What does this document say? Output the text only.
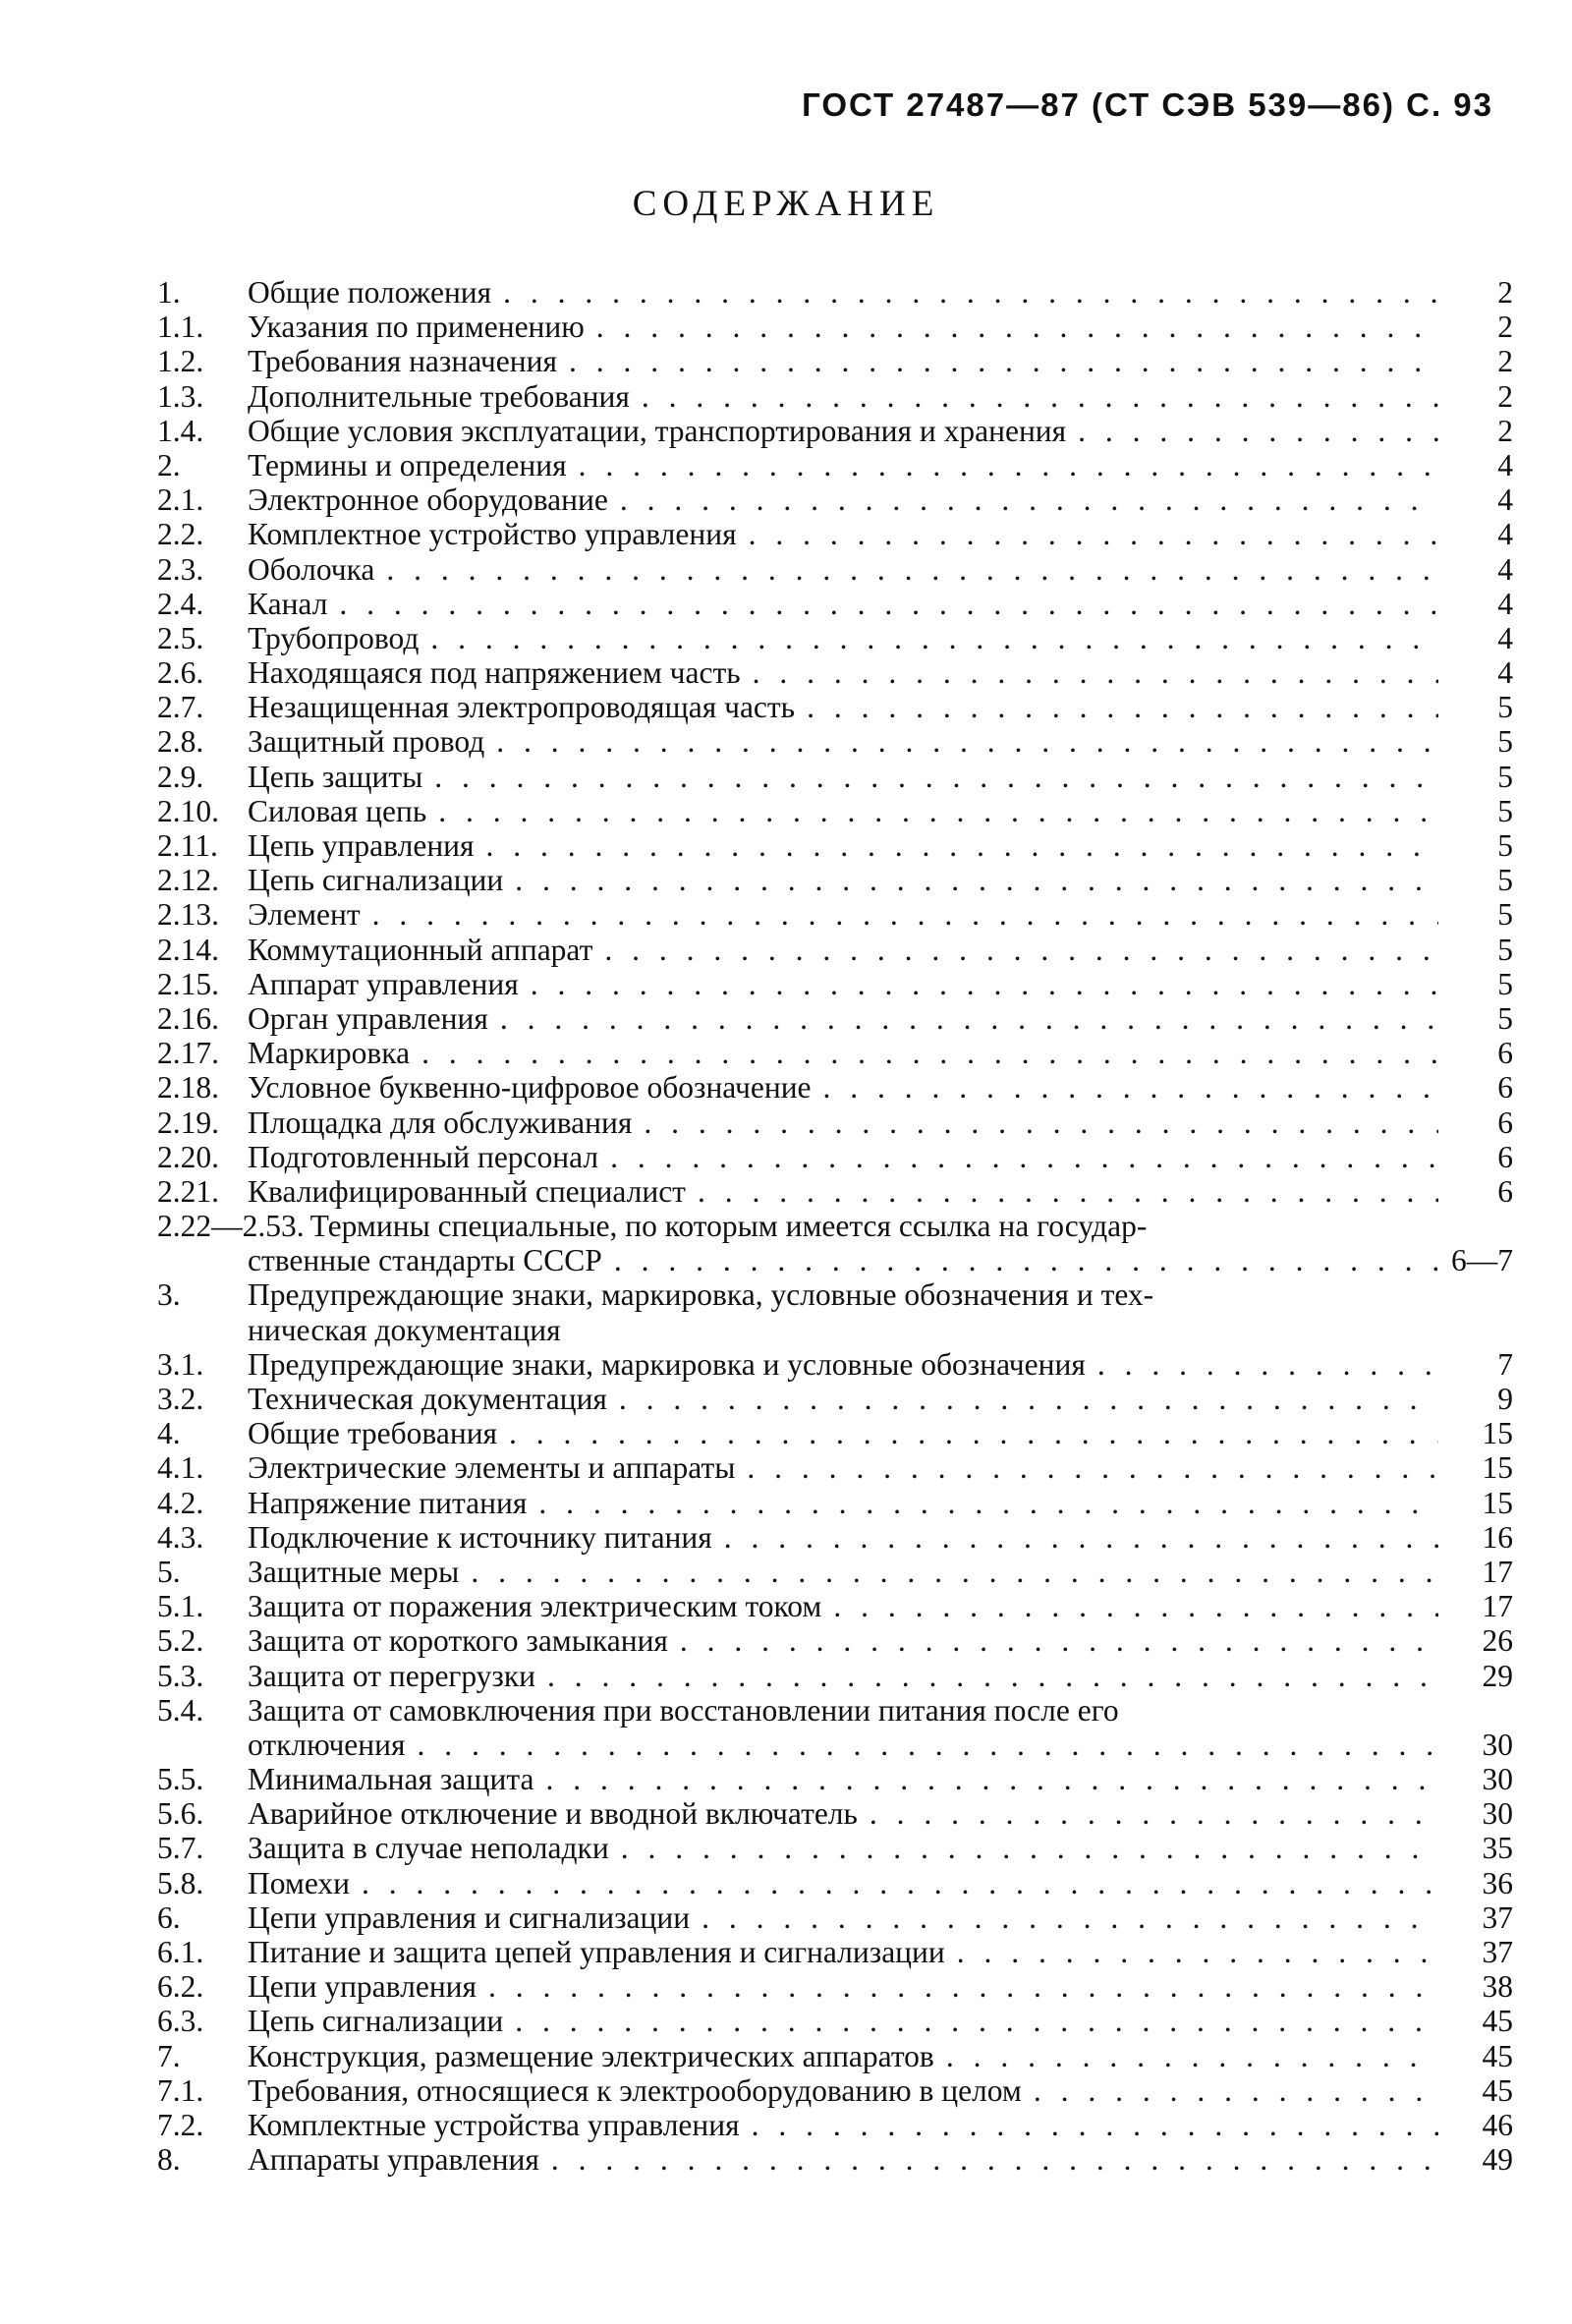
ГОСТ 27487—87 (СТ СЭВ 539—86) С. 93
СОДЕРЖАНИЕ
1.	Общие положения . . .	2
1.1.	Указания по применению . . .	2
1.2.	Требования назначения . . .	2
1.3.	Дополнительные требования . . .	2
1.4.	Общие условия эксплуатации, транспортирования и хранения . . .	2
2.	Термины и определения . . .	4
2.1.	Электронное оборудование . . .	4
2.2.	Комплектное устройство управления . . .	4
2.3.	Оболочка . . .	4
2.4.	Канал . . .	4
2.5.	Трубопровод . . .	4
2.6.	Находящаяся под напряжением часть . . .	4
2.7.	Незащищенная электропроводящая часть . . .	5
2.8.	Защитный провод . . .	5
2.9.	Цепь защиты . . .	5
2.10. Силовая цепь . . .	5
2.11. Цепь управления . . .	5
2.12. Цепь сигнализации . . .	5
2.13. Элемент . . .	5
2.14. Коммутационный аппарат . . .	5
2.15. Аппарат управления . . .	5
2.16. Орган управления . . .	5
2.17. Маркировка . . .	6
2.18. Условное буквенно-цифровое обозначение . . .	6
2.19. Площадка для обслуживания . . .	6
2.20. Подготовленный персонал . . .	6
2.21. Квалифицированный специалист . . .	6
2.22—2.53. Термины специальные, по которым имеется ссылка на государ-
ственные стандарты СССР . . .	6—7
3.	Предупреждающие знаки, маркировка, условные обозначения и тех-
ническая документация
3.1.	Предупреждающие знаки, маркировка и условные обозначения . . .	7
3.2.	Техническая документация . . .	9
4.	Общие требования . . .	15
4.1.	Электрические элементы и аппараты . . .	15
4.2.	Напряжение питания . . .	15
4.3.	Подключение к источнику питания . . .	16
5.	Защитные меры . . .	17
5.1.	Защита от поражения электрическим током . . .	17
5.2.	Защита от короткого замыкания . . .	26
5.3.	Защита от перегрузки . . .	29
5.4.	Защита от самовключения при восстановлении питания после его
отключения . . .	30
5.5.	Минимальная защита . . .	30
5.6.	Аварийное отключение и вводной включатель . . .	30
5.7.	Защита в случае неполадки . . .	35
5.8.	Помехи . . .	36
6.	Цепи управления и сигнализации . . .	37
6.1.	Питание и защита цепей управления и сигнализации . . .	37
6.2.	Цепи управления . . .	38
6.3.	Цепь сигнализации . . .	45
7.	Конструкция, размещение электрических аппаратов . . .	45
7.1.	Требования, относящиеся к электрооборудованию в целом . . .	45
7.2.	Комплектные устройства управления . . .	46
8.	Аппараты управления . . .	49
